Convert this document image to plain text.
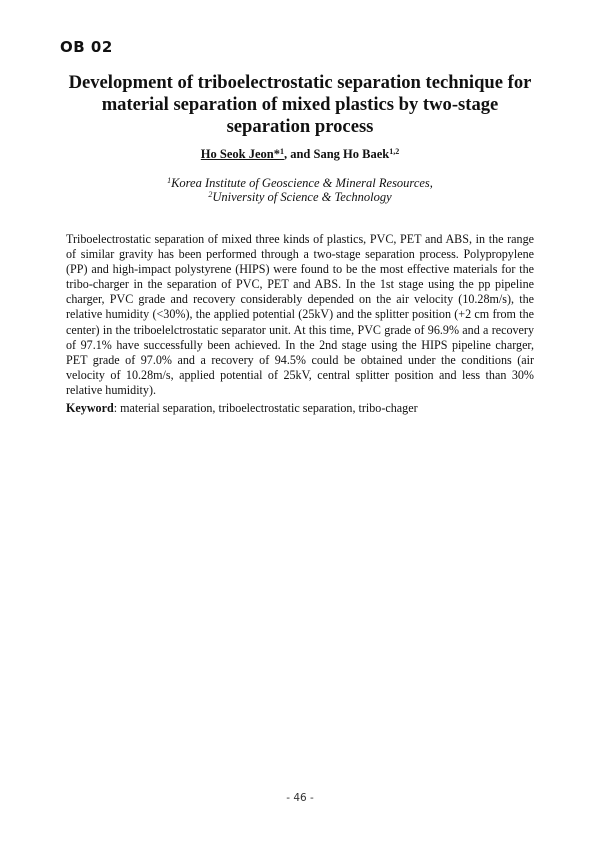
OB 02
Development of triboelectrostatic separation technique for material separation of mixed plastics by two-stage separation process
Ho Seok Jeon*$^1$, and Sang Ho Baek$^{1,2}$
$^1$Korea Institute of Geoscience & Mineral Resources,
$^2$University of Science & Technology

Triboelectrostatic separation of mixed three kinds of plastics, PVC, PET and ABS, in the range of similar gravity has been performed through a two-stage separation process. Polypropylene (PP) and high-impact polystyrene (HIPS) were found to be the most effective materials for the tribo-charger in the separation of PVC, PET and ABS. In the 1st stage using the pp pipeline charger, PVC grade and recovery considerably depended on the air velocity (10.28m/s), the relative humidity (<30%), the applied potential (25kV) and the splitter position (+2 cm from the center) in the triboelelctrostatic separator unit. At this time, PVC grade of 96.9% and a recovery of 97.1% have successfully been achieved. In the 2nd stage using the HIPS pipeline charger, PET grade of 97.0% and a recovery of 94.5% could be obtained under the conditions (air velocity of 10.28m/s, applied potential of 25kV, central splitter position and less than 30% relative humidity).

Keyword: material separation, triboelectrostatic separation, tribo-chager

- 46 -
